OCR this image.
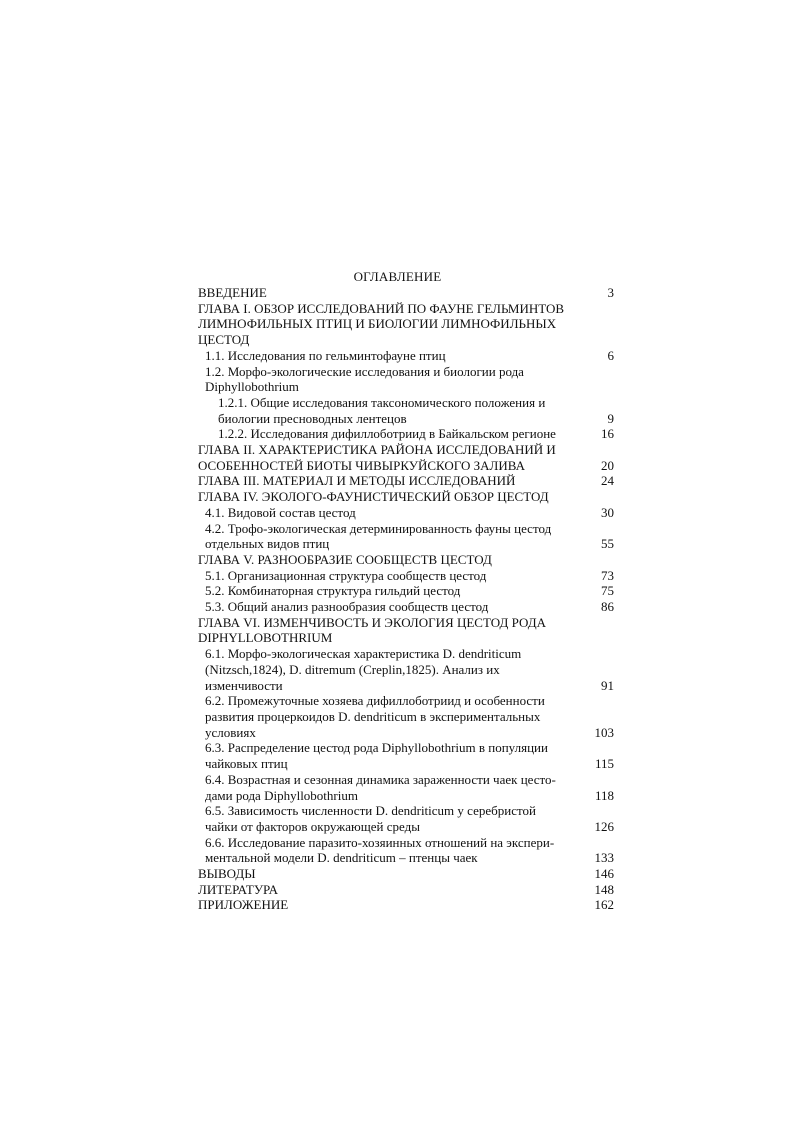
ОГЛАВЛЕНИЕ
ВВЕДЕНИЕ	3
ГЛАВА I. ОБЗОР ИССЛЕДОВАНИЙ ПО ФАУНЕ ГЕЛЬМИНТОВ ЛИМНОФИЛЬНЫХ ПТИЦ И БИОЛОГИИ ЛИМНОФИЛЬНЫХ ЦЕСТОД
1.1. Исследования по гельминтофауне птиц	6
1.2. Морфо-экологические исследования и биологии рода Diphyllobothrium
1.2.1. Общие исследования таксономического положения и биологии пресноводных лентецов	9
1.2.2. Исследования дифиллоботриид в Байкальском регионе	16
ГЛАВА II. ХАРАКТЕРИСТИКА РАЙОНА ИССЛЕДОВАНИЙ И ОСОБЕННОСТЕЙ БИОТЫ ЧИВЫРКУЙСКОГО ЗАЛИВА	20
ГЛАВА III. МАТЕРИАЛ И МЕТОДЫ ИССЛЕДОВАНИЙ	24
ГЛАВА IV. ЭКОЛОГО-ФАУНИСТИЧЕСКИЙ ОБЗОР ЦЕСТОД
4.1. Видовой состав цестод	30
4.2. Трофо-экологическая детерминированность фауны цестод отдельных видов птиц	55
ГЛАВА V. РАЗНООБРАЗИЕ СООБЩЕСТВ ЦЕСТОД
5.1. Организационная структура сообществ цестод	73
5.2. Комбинаторная структура гильдий цестод	75
5.3. Общий анализ разнообразия сообществ цестод	86
ГЛАВА VI. ИЗМЕНЧИВОСТЬ И ЭКОЛОГИЯ ЦЕСТОД РОДА DIPHYLLOBOTHRIUM
6.1. Морфо-экологическая характеристика D. dendriticum (Nitzsch,1824), D. ditremum (Creplin,1825). Анализ их изменчивости	91
6.2. Промежуточные хозяева дифиллоботриид и особенности развития процеркоидов D. dendriticum в экспериментальных условиях	103
6.3. Распределение цестод рода Diphyllobothrium в популяции чайковых птиц	115
6.4. Возрастная и сезонная динамика зараженности чаек цесто-дами рода Diphyllobothrium	118
6.5. Зависимость численности D. dendriticum у серебристой чайки от факторов окружающей среды	126
6.6. Исследование паразито-хозяинных отношений на экспери-ментальной модели D. dendriticum – птенцы чаек	133
ВЫВОДЫ	146
ЛИТЕРАТУРА	148
ПРИЛОЖЕНИЕ	162
